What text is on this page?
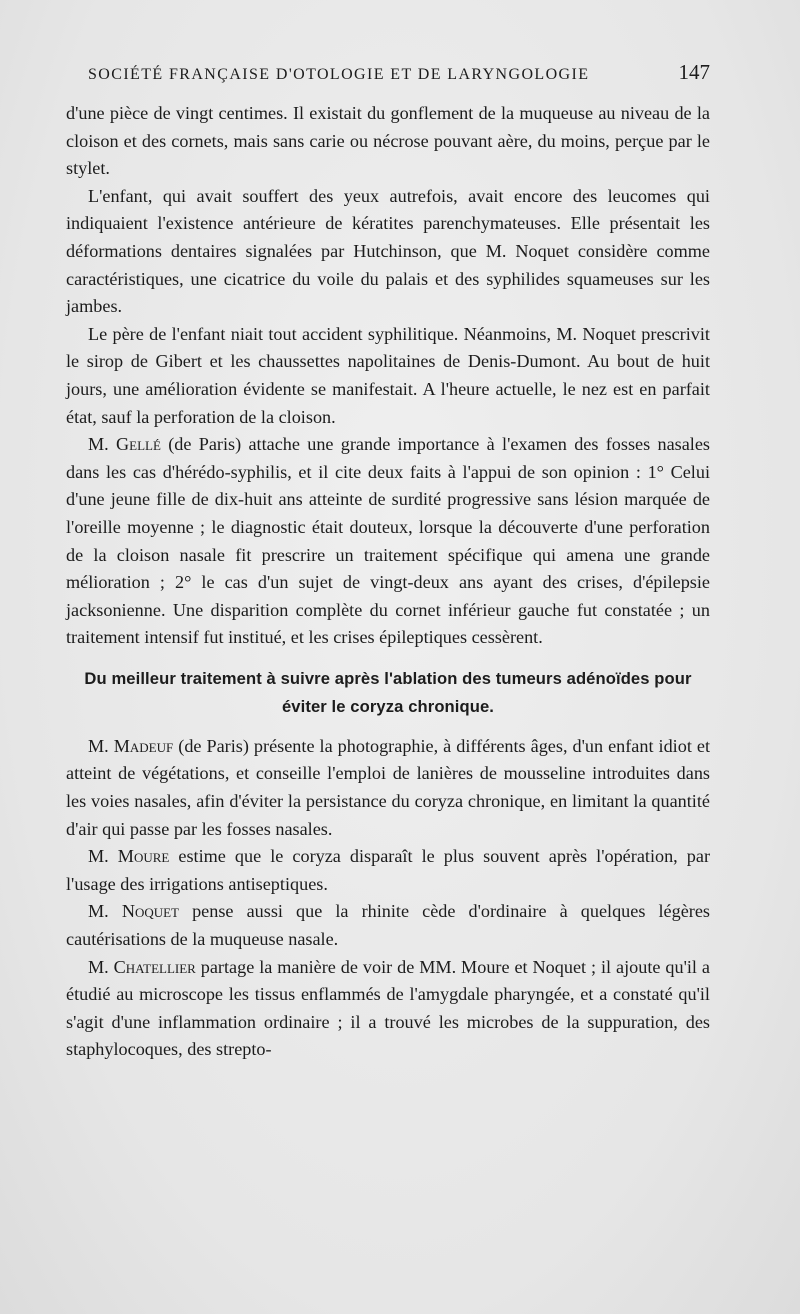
SOCIÉTÉ FRANÇAISE D'OTOLOGIE ET DE LARYNGOLOGIE	147

d'une pièce de vingt centimes. Il existait du gonflement de la muqueuse au niveau de la cloison et des cornets, mais sans carie ou nécrose pouvant aère, du moins, perçue par le stylet.

L'enfant, qui avait souffert des yeux autrefois, avait encore des leucomes qui indiquaient l'existence antérieure de kératites parenchymateuses. Elle présentait les déformations dentaires signalées par Hutchinson, que M. Noquet considère comme caractéristiques, une cicatrice du voile du palais et des syphilides squameuses sur les jambes.

Le père de l'enfant niait tout accident syphilitique. Néanmoins, M. Noquet prescrivit le sirop de Gibert et les chaussettes napolitaines de Denis-Dumont. Au bout de huit jours, une amélioration évidente se manifestait. A l'heure actuelle, le nez est en parfait état, sauf la perforation de la cloison.

M. Gellé (de Paris) attache une grande importance à l'examen des fosses nasales dans les cas d'hérédo-syphilis, et il cite deux faits à l'appui de son opinion : 1° Celui d'une jeune fille de dix-huit ans atteinte de surdité progressive sans lésion marquée de l'oreille moyenne ; le diagnostic était douteux, lorsque la découverte d'une perforation de la cloison nasale fit prescrire un traitement spécifique qui amena une grande mélioration ; 2° le cas d'un sujet de vingt-deux ans ayant des crises, d'épilepsie jacksonienne. Une disparition complète du cornet inférieur gauche fut constatée ; un traitement intensif fut institué, et les crises épileptiques cessèrent.

Du meilleur traitement à suivre après l'ablation des tumeurs adénoïdes pour éviter le coryza chronique.

M. Madeuf (de Paris) présente la photographie, à différents âges, d'un enfant idiot et atteint de végétations, et conseille l'emploi de lanières de mousseline introduites dans les voies nasales, afin d'éviter la persistance du coryza chronique, en limitant la quantité d'air qui passe par les fosses nasales.

M. Moure estime que le coryza disparaît le plus souvent après l'opération, par l'usage des irrigations antiseptiques.

M. Noquet pense aussi que la rhinite cède d'ordinaire à quelques légères cautérisations de la muqueuse nasale.

M. Chatellier partage la manière de voir de MM. Moure et Noquet ; il ajoute qu'il a étudié au microscope les tissus enflammés de l'amygdale pharyngée, et a constaté qu'il s'agit d'une inflammation ordinaire ; il a trouvé les microbes de la suppuration, des staphylocoques, des strepto-
